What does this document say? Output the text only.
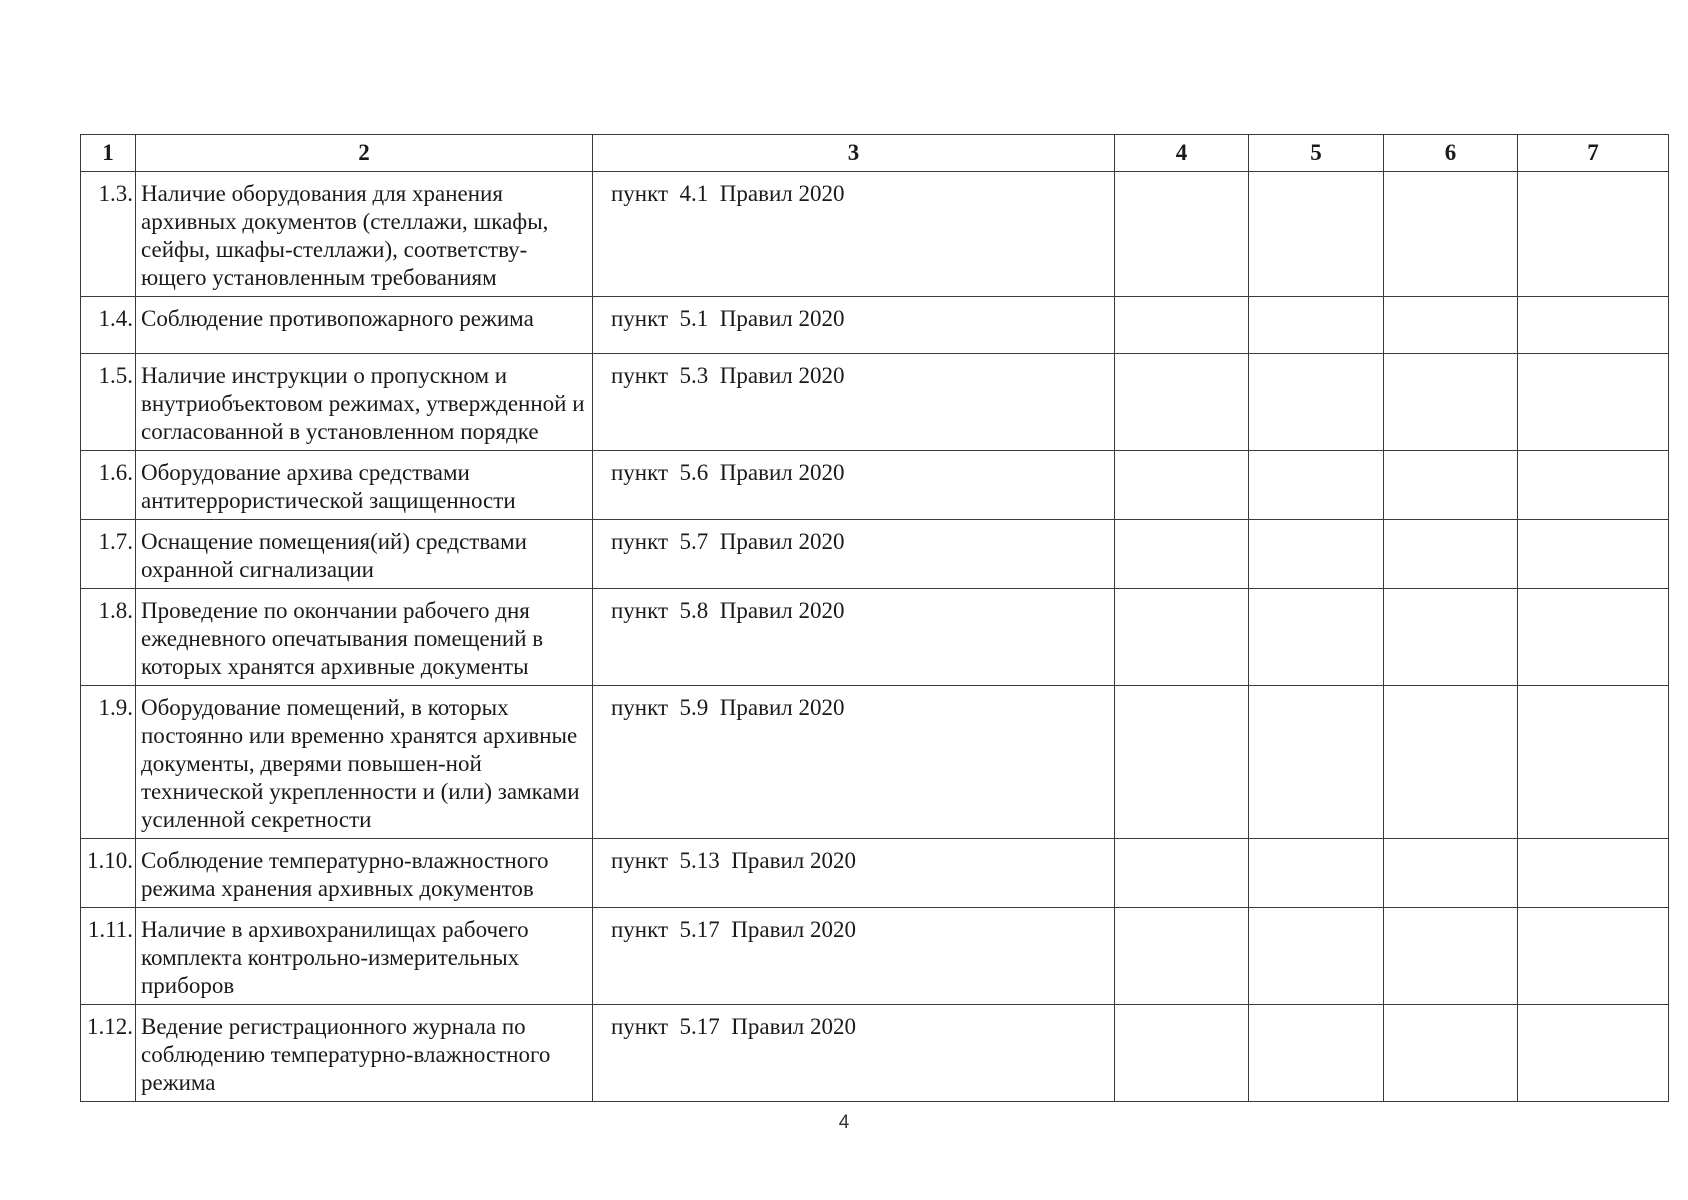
1	2	3	4	5	6	7
1.3.	Наличие оборудования для хранения архивных документов (стеллажи, шкафы, сейфы, шкафы-стеллажи), соответству-ющего установленным требованиям	пункт  4.1  Правил 2020				
1.4.	Соблюдение противопожарного режима	пункт  5.1  Правил 2020				
1.5.	Наличие инструкции о пропускном и внутриобъектовом режимах, утвержденной и согласованной в установленном порядке	пункт  5.3  Правил 2020				
1.6.	Оборудование архива средствами антитеррористической защищенности	пункт  5.6  Правил 2020				
1.7.	Оснащение помещения(ий) средствами охранной сигнализации	пункт  5.7  Правил 2020				
1.8.	Проведение по окончании рабочего дня ежедневного опечатывания помещений в которых хранятся архивные документы	пункт  5.8  Правил 2020				
1.9.	Оборудование помещений, в которых постоянно или временно хранятся архивные документы, дверями повышен-ной технической укрепленности и (или) замками усиленной секретности	пункт  5.9  Правил 2020				
1.10.	Соблюдение температурно-влажностного режима хранения архивных документов	пункт  5.13  Правил 2020				
1.11.	Наличие в архивохранилищах рабочего комплекта контрольно-измерительных приборов	пункт  5.17  Правил 2020				
1.12.	Ведение регистрационного журнала по соблюдению температурно-влажностного режима	пункт  5.17  Правил 2020				
4
